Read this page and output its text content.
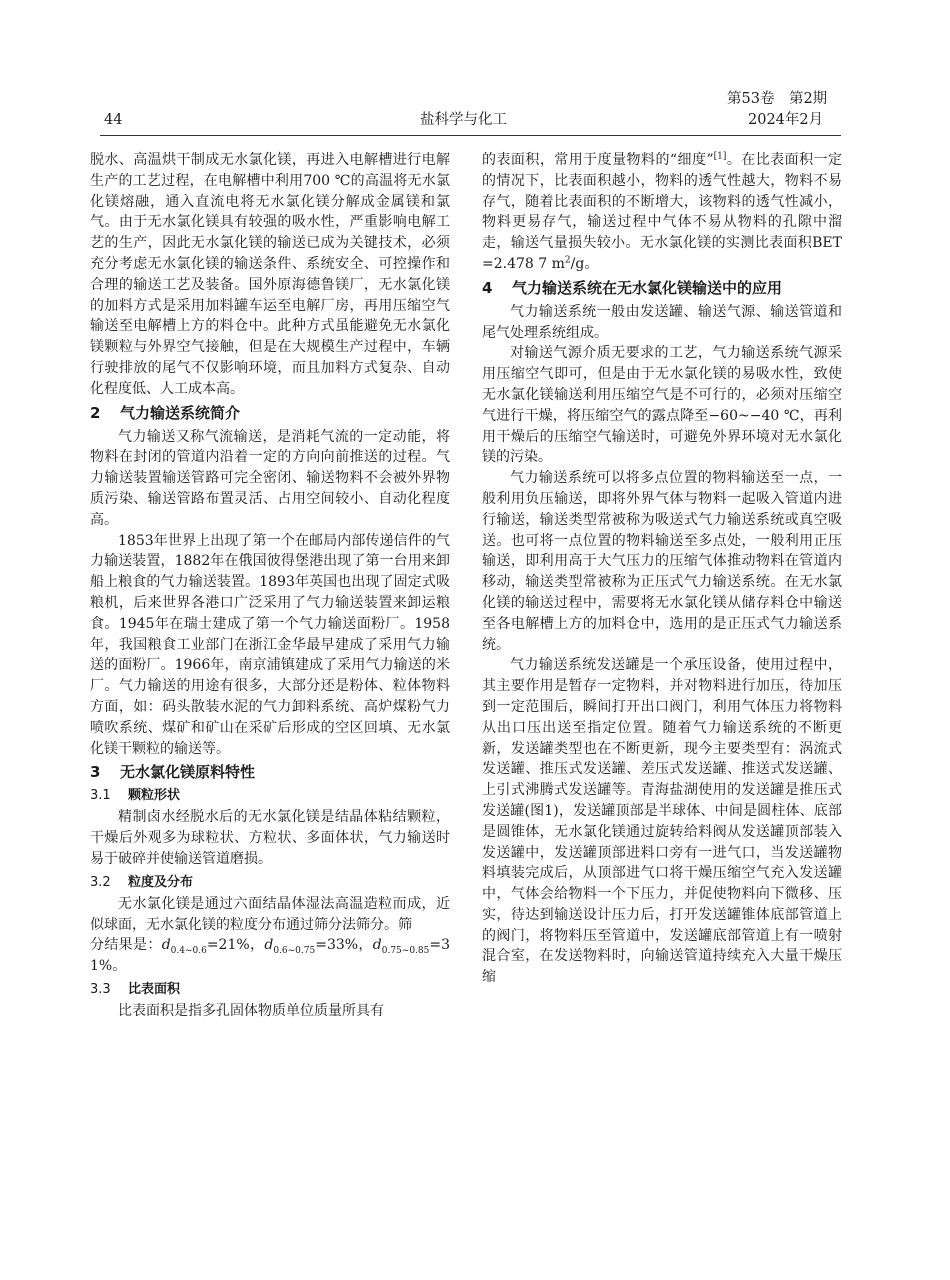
44	盐科学与化工
第53卷　第2期
2024年2月

脱水、高温烘干制成无水氯化镁，再进入电解槽进行电解生产的工艺过程，在电解槽中利用700 ℃的高温将无水氯化镁熔融，通入直流电将无水氯化镁分解成金属镁和氯气。由于无水氯化镁具有较强的吸水性，严重影响电解工艺的生产，因此无水氯化镁的输送已成为关键技术，必须充分考虑无水氯化镁的输送条件、系统安全、可控操作和合理的输送工艺及装备。国外原海德鲁镁厂，无水氯化镁的加料方式是采用加料罐车运至电解厂房，再用压缩空气输送至电解槽上方的料仓中。此种方式虽能避免无水氯化镁颗粒与外界空气接触，但是在大规模生产过程中，车辆行驶排放的尾气不仅影响环境，而且加料方式复杂、自动化程度低、人工成本高。

2 气力输送系统简介

气力输送又称气流输送，是消耗气流的一定动能，将物料在封闭的管道内沿着一定的方向向前推送的过程。气力输送装置输送管路可完全密闭、输送物料不会被外界物质污染、输送管路布置灵活、占用空间较小、自动化程度高。

1853年世界上出现了第一个在邮局内部传递信件的气力输送装置，1882年在俄国彼得堡港出现了第一台用来卸船上粮食的气力输送装置。1893年英国也出现了固定式吸粮机，后来世界各港口广泛采用了气力输送装置来卸运粮食。1945年在瑞士建成了第一个气力输送面粉厂。1958年，我国粮食工业部门在浙江金华最早建成了采用气力输送的面粉厂。1966年，南京浦镇建成了采用气力输送的米厂。气力输送的用途有很多，大部分还是粉体、粒体物料方面，如：码头散装水泥的气力卸料系统、高炉煤粉气力喷吹系统、煤矿和矿山在采矿后形成的空区回填、无水氯化镁干颗粒的输送等。

3 无水氯化镁原料特性
3.1 颗粒形状

精制卤水经脱水后的无水氯化镁是结晶体粘结颗粒，干燥后外观多为球粒状、方粒状、多面体状，气力输送时易于破碎并使输送管道磨损。

3.2 粒度及分布

无水氯化镁是通过六面结晶体湿法高温造粒而成，近似球面，无水氯化镁的粒度分布通过筛分法筛分。筛

分结果是：$d_{0.4\sim 0.6}=21\%$，$d_{0.6\sim 0.75}=33\%$，$d_{0.75\sim 0.85}=31\%$。

3.3 比表面积

比表面积是指多孔固体物质单位质量所具有

的表面积，常用于度量物料的“细度”[1]。在比表面积一定的情况下，比表面积越小，物料的透气性越大，物料不易存气，随着比表面积的不断增大，该物料的透气性减小，物料更易存气，输送过程中气体不易从物料的孔隙中溜走，输送气量损失较小。无水氯化镁的实测比表面积BET=2.478 7 $m^2/g$。

4 气力输送系统在无水氯化镁输送中的应用

气力输送系统一般由发送罐、输送气源、输送管道和尾气处理系统组成。

对输送气源介质无要求的工艺，气力输送系统气源采用压缩空气即可，但是由于无水氯化镁的易吸水性，致使无水氯化镁输送利用压缩空气是不可行的，必须对压缩空气进行干燥，将压缩空气的露点降至−60~−40 ℃，再利用干燥后的压缩空气输送时，可避免外界环境对无水氯化镁的污染。

气力输送系统可以将多点位置的物料输送至一点，一般利用负压输送，即将外界气体与物料一起吸入管道内进行输送，输送类型常被称为吸送式气力输送系统或真空吸送。也可将一点位置的物料输送至多点处，一般利用正压输送，即利用高于大气压力的压缩气体推动物料在管道内移动，输送类型常被称为正压式气力输送系统。在无水氯化镁的输送过程中，需要将无水氯化镁从储存料仓中输送至各电解槽上方的加料仓中，选用的是正压式气力输送系统。

气力输送系统发送罐是一个承压设备，使用过程中，其主要作用是暂存一定物料，并对物料进行加压，待加压到一定范围后，瞬间打开出口阀门，利用气体压力将物料从出口压出送至指定位置。随着气力输送系统的不断更新，发送罐类型也在不断更新，现今主要类型有：涡流式发送罐、推压式发送罐、差压式发送罐、推送式发送罐、上引式沸腾式发送罐等。青海盐湖使用的发送罐是推压式发送罐(图1)，发送罐顶部是半球体、中间是圆柱体、底部是圆锥体，无水氯化镁通过旋转给料阀从发送罐顶部装入发送罐中，发送罐顶部进料口旁有一进气口，当发送罐物料填装完成后，从顶部进气口将干燥压缩空气充入发送罐中，气体会给物料一个下压力，并促使物料向下微移、压实，待达到输送设计压力后，打开发送罐锥体底部管道上的阀门，将物料压至管道中，发送罐底部管道上有一喷射混合室，在发送物料时，向输送管道持续充入大量干燥压缩
